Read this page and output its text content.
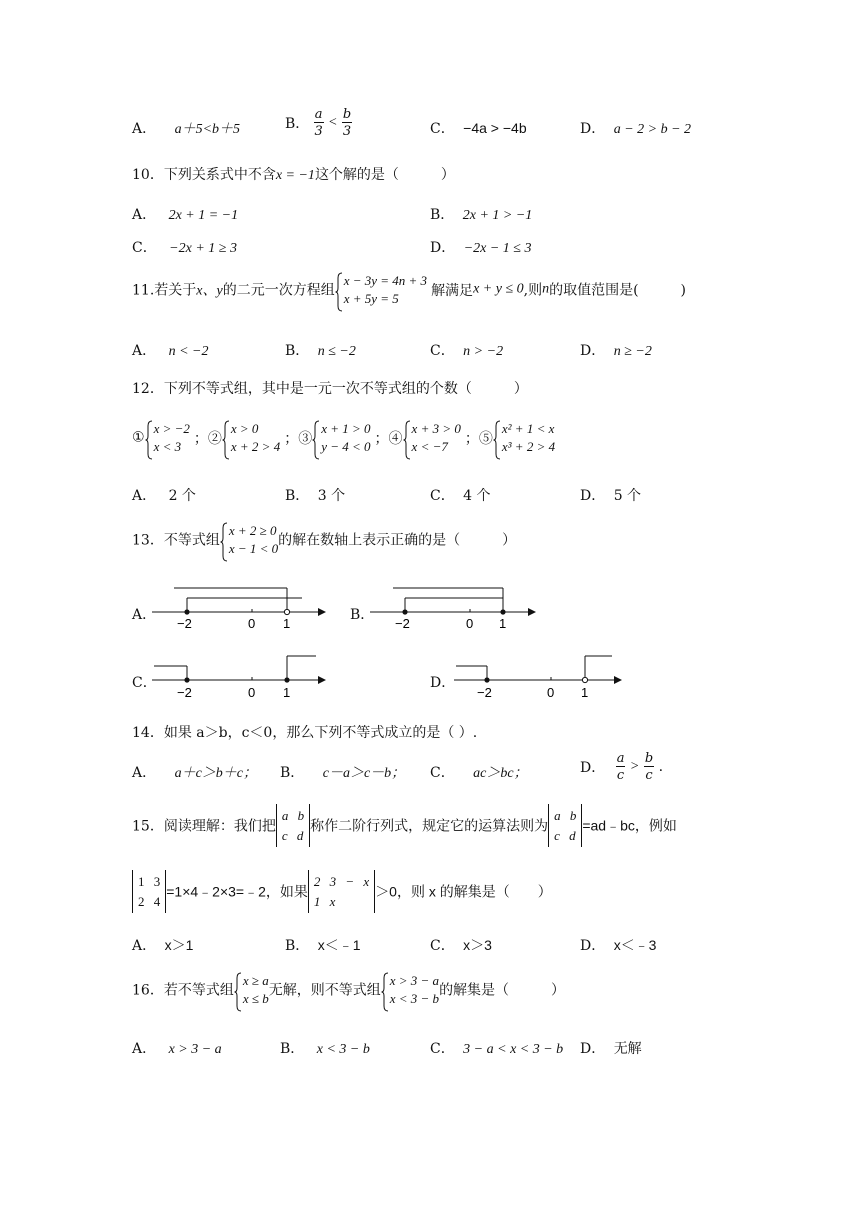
A． a＋5<b＋5	B． $\frac{a}{3} < \frac{b}{3}$	C． −4a > −4b	D． a − 2 > b − 2
10．下列关系式中不含x = −1这个解的是（　　　）
A． 2x + 1 = −1	B． 2x + 1 > −1
C． −2x + 1 ≥ 3	D． −2x − 1 ≤ 3
11.若关于x、y的二元一次方程组
x − 3y = 4n + 3
x + 5y = 5	解满足x + y ≤ 0,则n的取值范围是(　　　)
A． n < −2	B． n ≤ −2	C． n > −2	D． n ≥ −2
12．下列不等式组，其中是一元一次不等式组的个数（　　　）
①
x > −2
x < 3 ；②
x > 0
x + 2 > 4 ；③
x + 1 > 0
y − 4 < 0 ；④
x + 3 > 0
x < −7	；⑤
x² + 1 < x
x³ + 2 > 4
A． 2 个	B． 3 个	C． 4 个	D． 5 个
13．不等式组
x + 2 ≥ 0
x − 1 < 0 的解在数轴上表示正确的是（　　　）
A．
−2	0 1
B．
−2	0 1
C．
−2	0 1
D．
−2	0 1
14．如果 a＞b，c＜0，那么下列不等式成立的是（ ）.
A． a＋c＞b＋c； B． c－a＞c－b； C． ac＞bc；	D． $\frac{a}{c} > \frac{b}{c}$ .
15．阅读理解：我们把
a b
c d
称作二阶行列式，规定它的运算法则为
a b
c d
=ad﹣bc，例如
1 3
2 4
=1×4﹣2×3=﹣2，如果
2 3 − x
1 x
＞0，则 x 的解集是（　　）
A． x＞1	B． x＜﹣1	C． x＞3	D． x＜﹣3
16．若不等式组
x ≥ a
x ≤ b 无解，则不等式组
x > 3 − a
x < 3 − b 的解集是（　　　）
A． x > 3 − a	B． x < 3 − b	C． 3 − a < x < 3 − b D． 无解
